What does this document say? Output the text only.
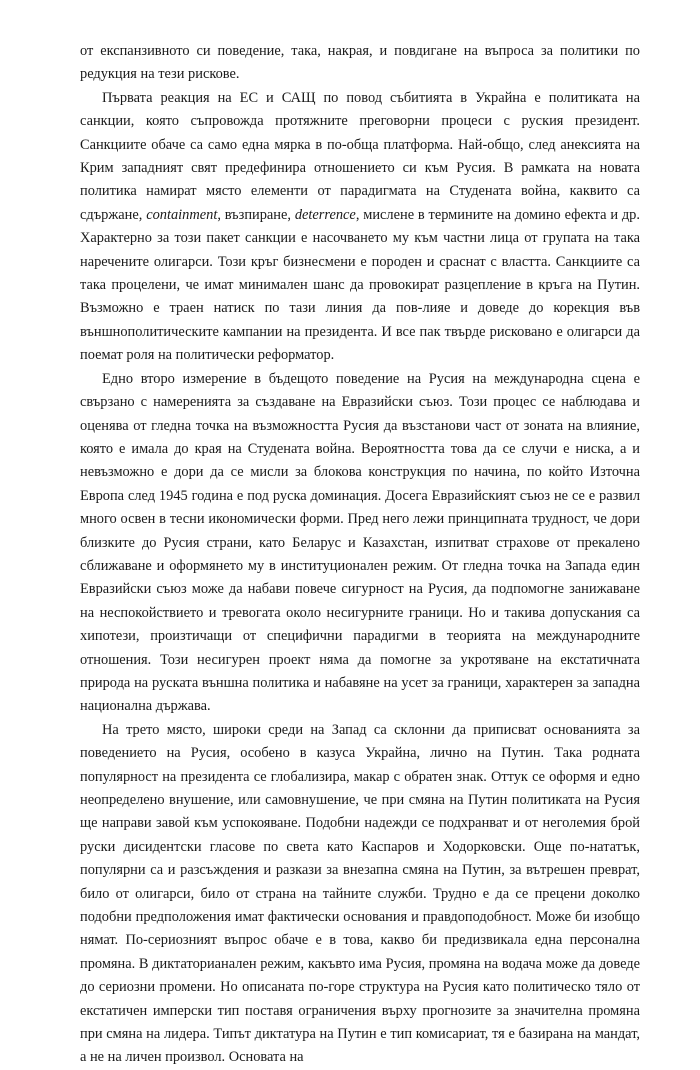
от експанзивното си поведение, така, накрая, и повдигане на въпроса за политики по редукция на тези рискове.

Първата реакция на ЕС и САЩ по повод събитията в Украйна е политиката на санкции, която съпровожда протяжните преговорни процеси с руския президент. Санкциите обаче са само една мярка в по-обща платформа. Най-общо, след анексията на Крим западният свят предефинира отношението си към Русия. В рамката на новата политика намират място елементи от парадигмата на Студената война, каквито са сдържане, containment, възпиране, deterrence, мислене в термините на домино ефекта и др. Характерно за този пакет санкции е насочването му към частни лица от групата на така наречените олигарси. Този кръг бизнесмени е породен и сраснат с властта. Санкциите са така процелени, че имат минимален шанс да провокират разцепление в кръга на Путин. Възможно е траен натиск по тази линия да пов-лияе и доведе до корекция във външнополитическите кампании на президента. И все пак твърде рисковано е олигарси да поемат роля на политически реформатор.

Едно второ измерение в бъдещото поведение на Русия на международна сцена е свързано с намеренията за създаване на Евразийски съюз. Този процес се наблюдава и оценява от гледна точка на възможността Русия да възстанови част от зоната на влияние, която е имала до края на Студената война. Вероятността това да се случи е ниска, а и невъзможно е дори да се мисли за блокова конструкция по начина, по който Източна Европа след 1945 година е под руска доминация. Досега Евразийският съюз не се е развил много освен в тесни икономически форми. Пред него лежи принципната трудност, че дори близките до Русия страни, като Беларус и Казахстан, изпитват страхове от прекалено сближаване и оформянето му в институционален режим. От гледна точка на Запада един Евразийски съюз може да набави повече сигурност на Русия, да подпомогне занижаване на неспокойствието и тревогата около несигурните граници. Но и такива допускания са хипотези, произтичащи от специфични парадигми в теорията на международните отношения. Този несигурен проект няма да помогне за укротяване на екстатичната природа на руската външна политика и набавяне на усет за граници, характерен за западна национална държава.

На трето място, широки среди на Запад са склонни да приписват основанията за поведението на Русия, особено в казуса Украйна, лично на Путин. Така родната популярност на президента се глобализира, макар с обратен знак. Оттук се оформя и едно неопределено внушение, или самовнушение, че при смяна на Путин политиката на Русия ще направи завой към успокояване. Подобни надежди се подхранват и от неголемия брой руски дисидентски гласове по света като Каспаров и Ходорковски. Още по-нататък, популярни са и разсъждения и разкази за внезапна смяна на Путин, за вътрешен преврат, било от олигарси, било от страна на тайните служби. Трудно е да се прецени доколко подобни предположения имат фактически основания и правдоподобност. Може би изобщо нямат. По-сериозният въпрос обаче е в това, какво би предизвикала една персонална промяна. В диктаторианален режим, какъвто има Русия, промяна на водача може да доведе до сериозни промени. Но описаната по-горе структура на Русия като политическо тяло от екстатичен имперски тип поставя ограничения върху прогнозите за значителна промяна при смяна на лидера. Типът диктатура на Путин е тип комисариат, тя е базирана на мандат, а не на личен произвол. Основата на
